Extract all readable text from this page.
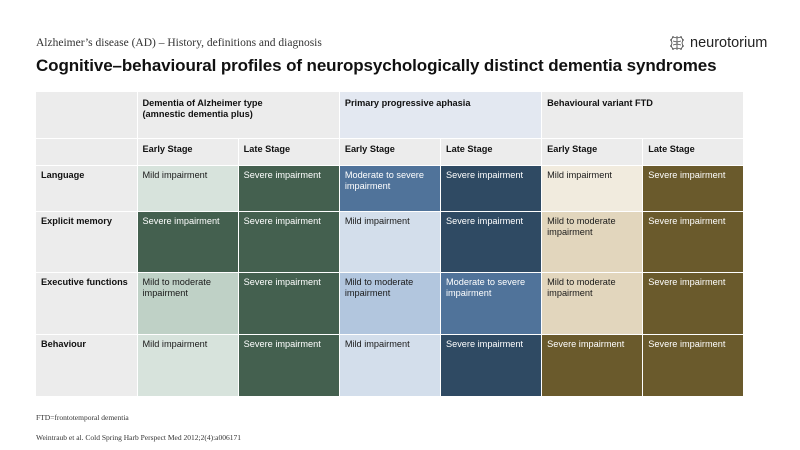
Alzheimer’s disease (AD) – History, definitions and diagnosis
Cognitive–behavioural profiles of neuropsychologically distinct dementia syndromes
neurotorium

	Dementia of Alzheimer type
(amnestic dementia plus)		Primary progressive aphasia		Behavioural variant FTD	

	Early Stage	Late Stage	Early Stage	Late Stage	Early Stage	Late Stage
Language	Mild impairment	Severe impairment	Moderate to severe impairment	Severe impairment	Mild impairment	Severe impairment
Explicit memory	Severe impairment	Severe impairment	Mild impairment	Severe impairment	Mild to moderate impairment	Severe impairment
Executive functions	Mild to moderate impairment	Severe impairment	Mild to moderate impairment	Moderate to severe impairment	Mild to moderate impairment	Severe impairment
Behaviour	Mild impairment	Severe impairment	Mild impairment	Severe impairment	Severe impairment	Severe impairment
FTD=frontotemporal dementia
Weintraub et al. Cold Spring Harb Perspect Med 2012;2(4):a006171
